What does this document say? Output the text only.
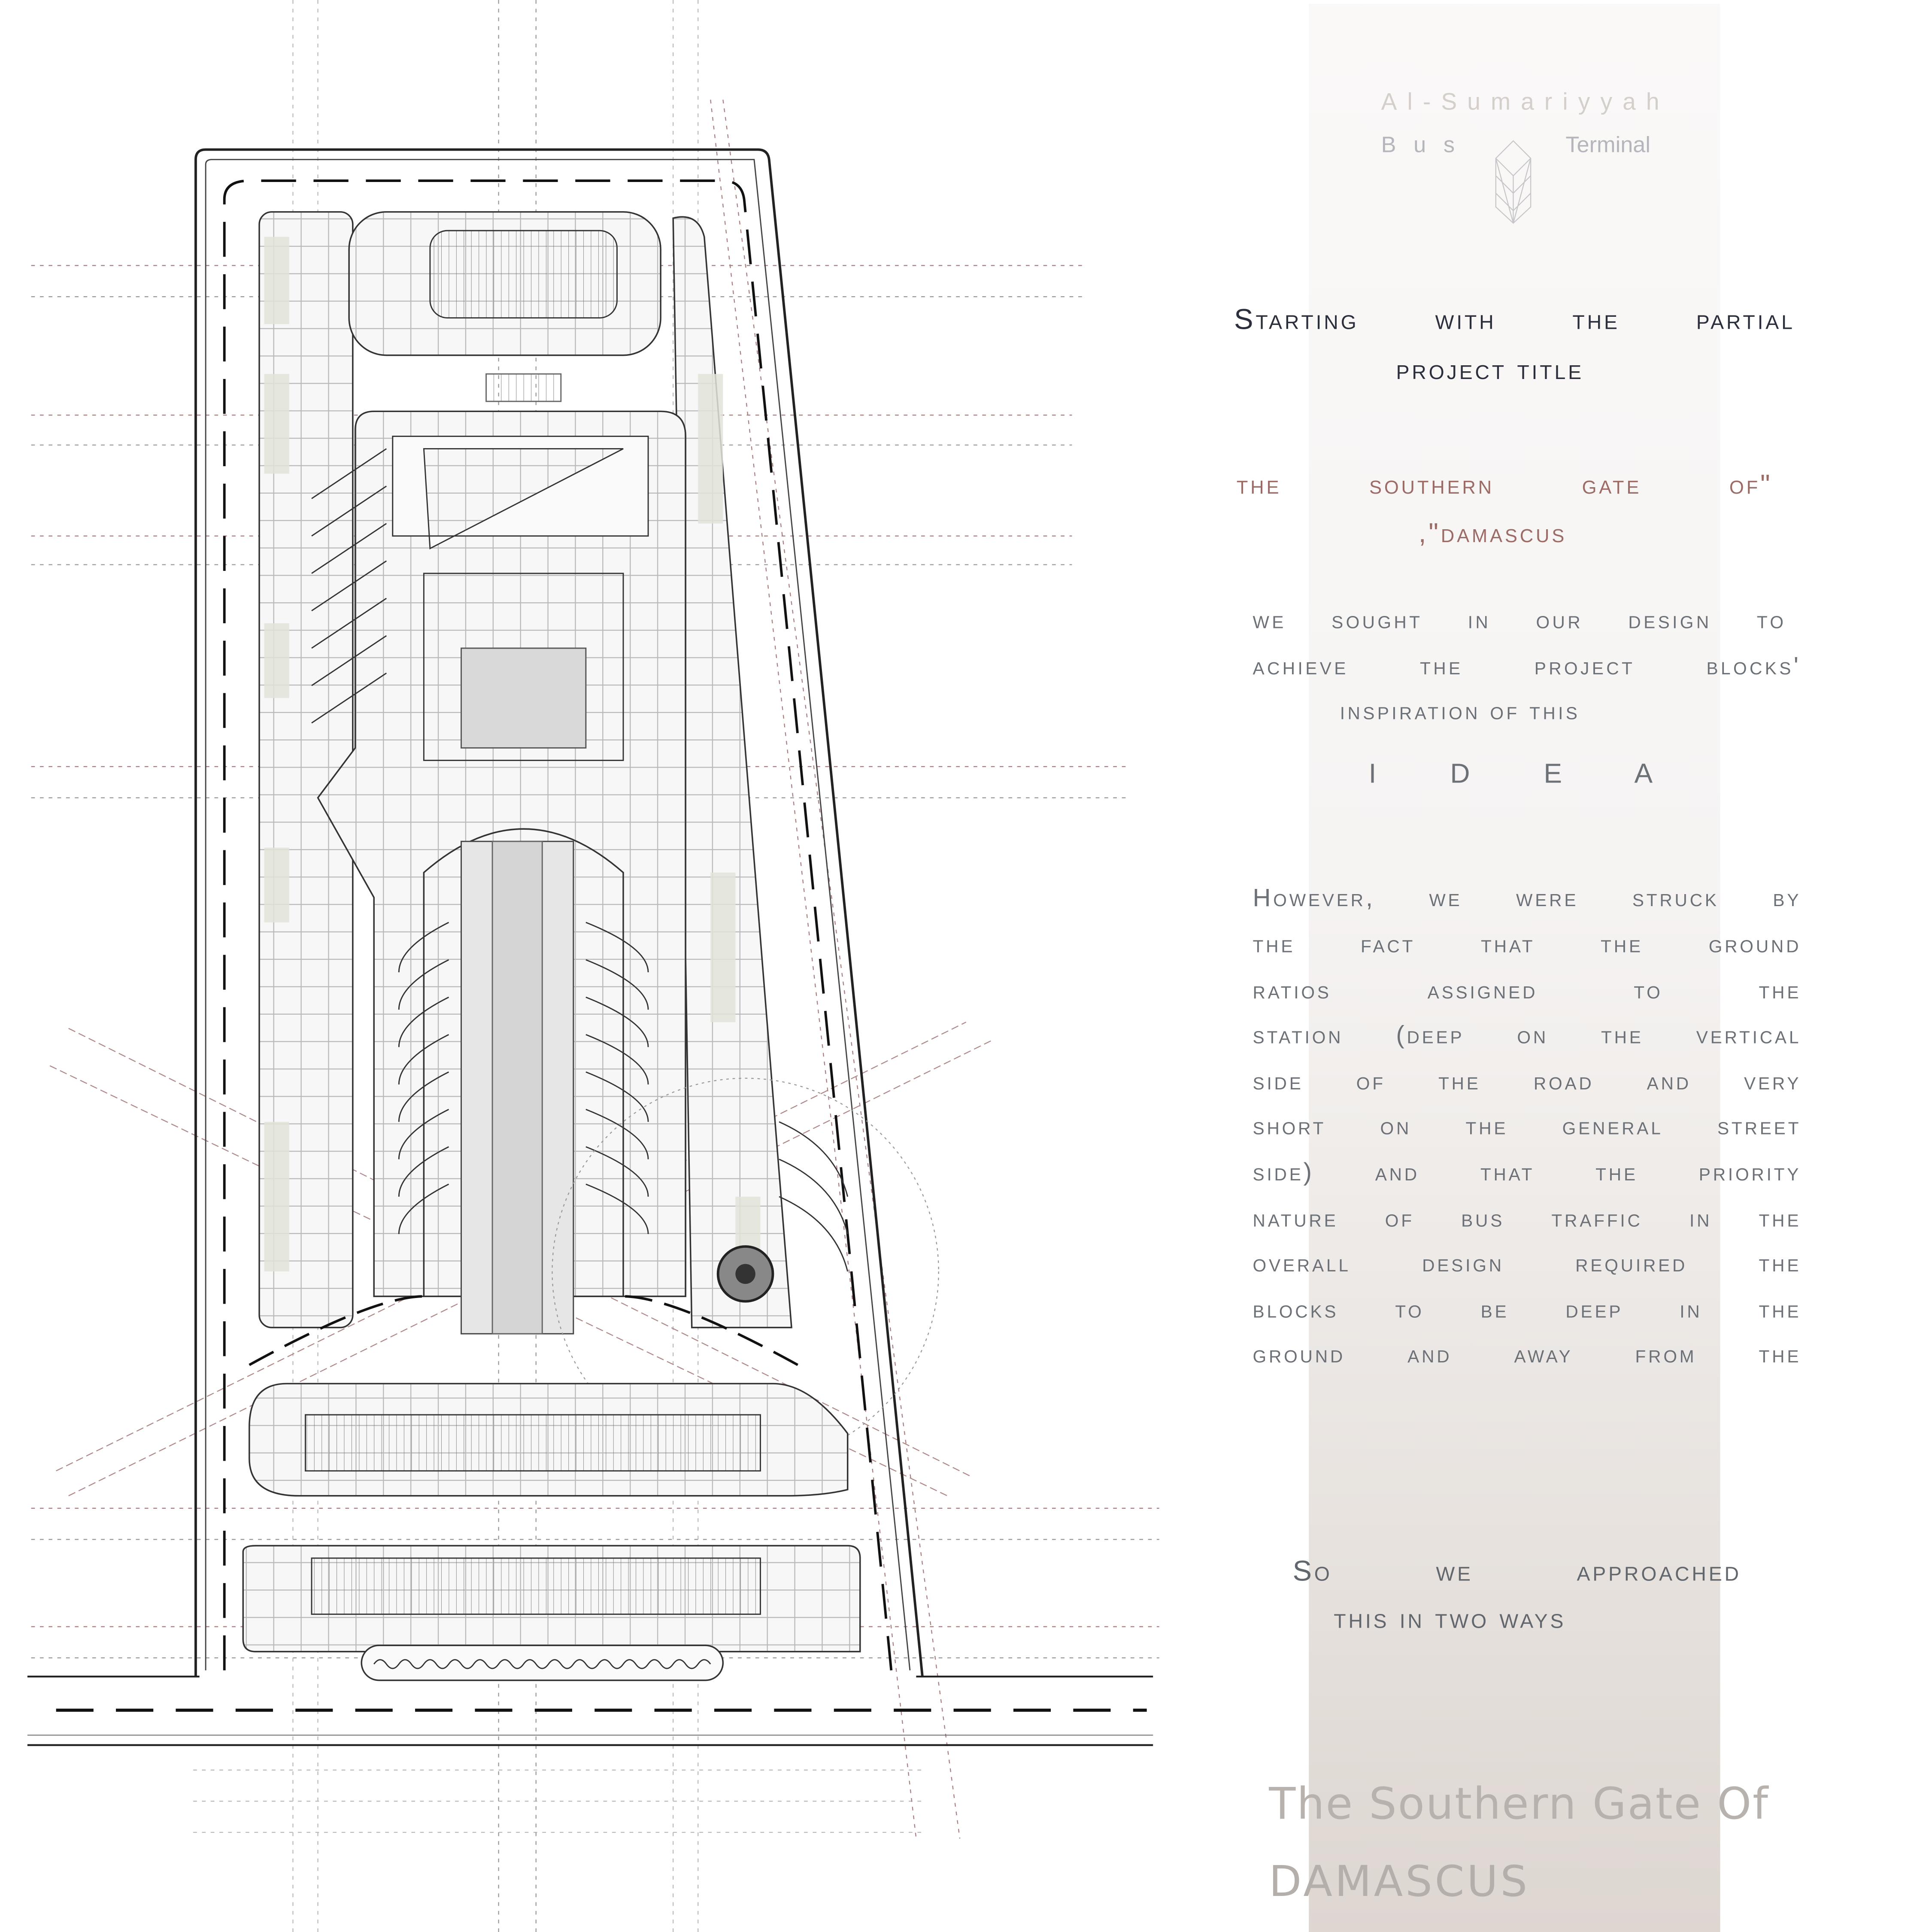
Al-Sumariyyah
Bus	Terminal
Starting with the partial
project title
the southern gate of"
,"damascus
we sought in our design to
achieve the project blocks'
inspiration of this
I D E A
However, we were struck by
the fact that the ground
ratios assigned to the
station (deep on the vertical
side of the road and very
short on the general street
side) and that the priority
nature of bus traffic in the
overall design required the
blocks to be deep in the
ground and away from the
So we approached
this in two ways
The Southern Gate Of
DAMASCUS
